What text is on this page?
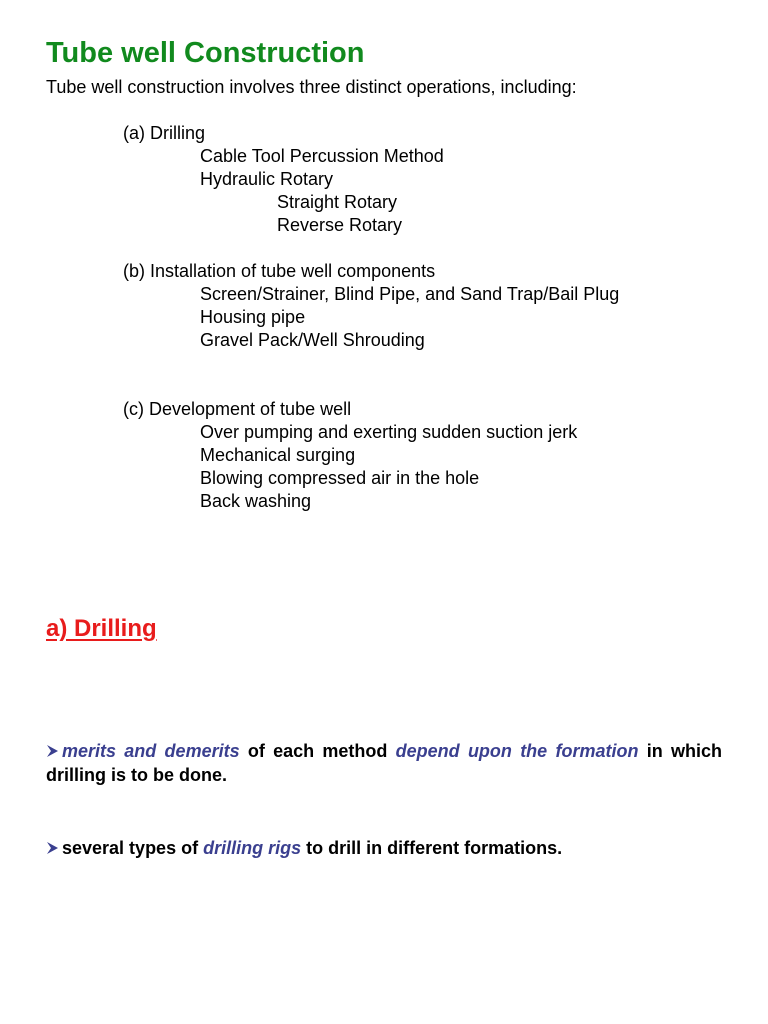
Tube well Construction

Tube well construction involves three distinct operations, including:

(a) Drilling
Cable Tool Percussion Method
Hydraulic Rotary
Straight Rotary
Reverse Rotary
(b) Installation of tube well components
Screen/Strainer, Blind Pipe, and Sand Trap/Bail Plug
Housing pipe
Gravel Pack/Well Shrouding
(c) Development of tube well
Over pumping and exerting sudden suction jerk
Mechanical surging
Blowing compressed air in the hole
Back washing
a) Drilling

merits and demerits of each method depend upon the formation in which drilling is to be done.

several types of drilling rigs to drill in different formations.
